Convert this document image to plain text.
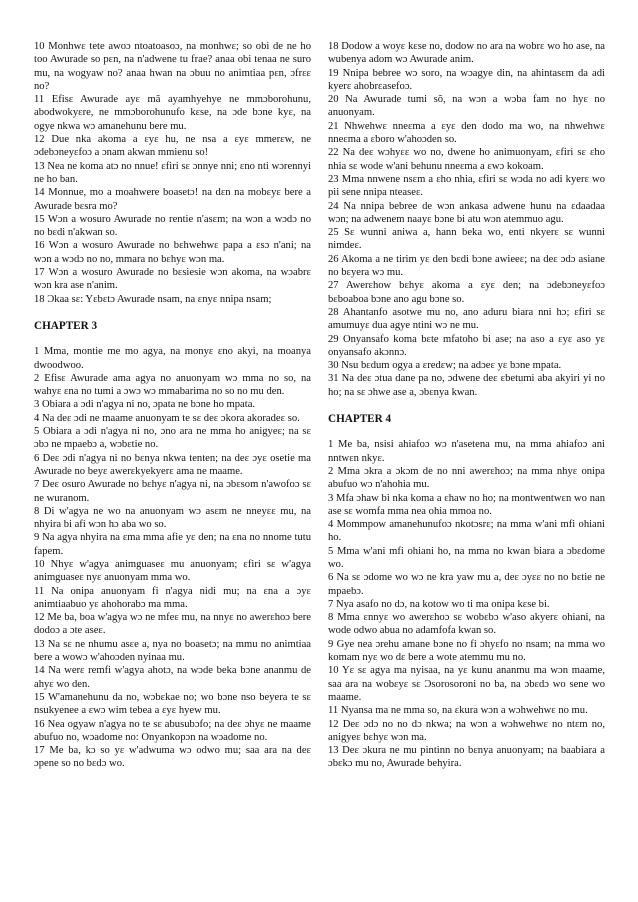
10 Monhwɛ tete awoɔ ntoatoasoɔ, na monhwɛ; so obi de ne ho too Awurade so pɛn, na n'adwene tu frae? anaa obi tenaa ne suro mu, na wogyaw no? anaa hwan na ɔbuu no animtiaa pɛn, ɔfrɛɛ no?

11 Efisɛ Awurade ayɛ mã ayamhyehye ne mmɔborohunu, abodwokyɛre, ne mmɔborohunufo kɛse, na ɔde bɔne kyɛ, na ogye nkwa wɔ amanehunu bere mu.

12 Due nka akoma a ɛyɛ hu, ne nsa a ɛyɛ mmerɛw, ne ɔdebɔneyɛfoɔ a ɔnam akwan mmienu so!

13 Nea ne koma atɔ no nnue! ɛfiri sɛ ɔnnye nni; ɛno nti wɔrennyi ne ho ban.

14 Monnue, mo a moahwere boasetɔ! na dɛn na mobɛyɛ bere a Awurade bɛsra mo?

15 Wɔn a wosuro Awurade no rentie n'asɛm; na wɔn a wɔdɔ no no bɛdi n'akwan so.

16 Wɔn a wosuro Awurade no bɛhwehwɛ papa a ɛsɔ n'ani; na wɔn a wɔdɔ no no, mmara no bɛhyɛ wɔn ma.

17 Wɔn a wosuro Awurade no bɛsiesie wɔn akoma, na wɔabrɛ wɔn kra ase n'anim.

18 Ɔkaa sɛ: Yɛbɛtɔ Awurade nsam, na ɛnyɛ nnipa nsam;

CHAPTER 3

1 Mma, montie me mo agya, na monyɛ ɛno akyi, na moanya dwoodwoo.

2 Efisɛ Awurade ama agya no anuonyam wɔ mma no so, na wahyɛ ɛna no tumi a ɔwɔ wɔ mmabarima no so no mu den.

3 Obiara a ɔdi n'agya ni no, ɔpata ne bɔne ho mpata.

4 Na deɛ ɔdi ne maame anuonyam te sɛ deɛ ɔkora akoradeɛ so.

5 Obiara a ɔdi n'agya ni no, ɔno ara ne mma ho anigyeɛ; na sɛ ɔbɔ ne mpaebɔ a, wɔbɛtie no.

6 Deɛ ɔdi n'agya ni no bɛnya nkwa tenten; na deɛ ɔyɛ osetie ma Awurade no beyɛ awerɛkyekyerɛ ama ne maame.

7 Deɛ osuro Awurade no bɛhyɛ n'agya ni, na ɔbɛsom n'awofoɔ sɛ ne wuranom.

8 Di w'agya ne wo na anuonyam wɔ asɛm ne nneyɛɛ mu, na nhyira bi afi wɔn hɔ aba wo so.

9 Na agya nhyira na ɛma mma afie yɛ den; na ɛna no nnome tutu fapem.

10 Nhyɛ w'agya animguaseɛ mu anuonyam; ɛfiri sɛ w'agya animguaseɛ nyɛ anuonyam mma wo.

11 Na onipa anuonyam fi n'agya nidi mu; na ɛna a ɔyɛ animtiaabuo yɛ ahohorabɔ ma mma.

12 Me ba, boa w'agya wɔ ne mfeɛ mu, na nnyɛ no awerɛhoɔ bere dodoɔ a ɔte aseɛ.

13 Na sɛ ne nhumu asɛe a, nya no boasetɔ; na mmu no animtiaa bere a wowɔ w'ahoɔden nyinaa mu.

14 Na werɛ remfi w'agya ahotɔ, na wɔde beka bɔne ananmu de ahyɛ wo den.

15 W'amanehunu da no, wɔbɛkae no; wo bɔne nso beyera te sɛ nsukyenee a ɛwɔ wim tebea a ɛyɛ hyew mu.

16 Nea ogyaw n'agya no te sɛ abusubɔfo; na deɛ ɔhyɛ ne maame abufuo no, wɔadome no: Onyankopɔn na wɔadome no.

17 Me ba, kɔ so yɛ w'adwuma wɔ odwo mu; saa ara na deɛ ɔpene so no bɛdɔ wo.

18 Dodow a woyɛ kɛse no, dodow no ara na wobrɛ wo ho ase, na wubenya adom wɔ Awurade anim.

19 Nnipa bebree wɔ soro, na wɔagye din, na ahintasɛm da adi kyerɛ ahobrɛasefoɔ.

20 Na Awurade tumi sõ, na wɔn a wɔba fam no hyɛ no anuonyam.

21 Nhwehwɛ nneɛma a ɛyɛ den dodo ma wo, na nhwehwɛ nneɛma a ɛboro w'ahoɔden so.

22 Na deɛ wɔhyɛɛ wo no, dwene ho animuonyam, ɛfiri sɛ ɛho nhia sɛ wode w'ani behunu nneɛma a ɛwɔ kokoam.

23 Mma nnwene nsɛm a ɛho nhia, ɛfiri sɛ wɔda no adi kyerɛ wo pii sene nnipa nteaseɛ.

24 Na nnipa bebree de wɔn ankasa adwene hunu na ɛdaadaa wɔn; na adwenem naayɛ bɔne bi atu wɔn atemmuo agu.

25 Sɛ wunni aniwa a, hann beka wo, enti nkyerɛ sɛ wunni nimdeɛ.

26 Akoma a ne tirim yɛ den bɛdi bɔne awieeɛ; na deɛ ɔdɔ asiane no bɛyera wɔ mu.

27 Awerɛhow bɛhyɛ akoma a ɛyɛ den; na ɔdebɔneyɛfoɔ bɛboaboa bɔne ano agu bɔne so.

28 Ahantanfo asotwe mu no, ano aduru biara nni hɔ; ɛfiri sɛ amumuyɛ dua agye ntini wɔ ne mu.

29 Onyansafo koma bɛte mfatoho bi ase; na aso a ɛyɛ aso yɛ onyansafo akɔnnɔ.

30 Nsu bɛdum ogya a ɛredɛw; na adɔeɛ yɛ bɔne mpata.

31 Na deɛ ɔtua dane pa no, ɔdwene deɛ ɛbetumi aba akyiri yi no ho; na sɛ ɔhwe ase a, ɔbɛnya kwan.

CHAPTER 4

1 Me ba, nsisi ahiafoɔ wɔ n'asetena mu, na mma ahiafoɔ ani nntwɛn nkyɛ.

2 Mma ɔkra a ɔkɔm de no nni awerɛhoɔ; na mma nhyɛ onipa abufuo wɔ n'ahohia mu.

3 Mfa ɔhaw bi nka koma a ɛhaw no ho; na montwentwɛn wo nan ase sɛ womfa mma nea ohia mmoa no.

4 Mommpow amanehunufoɔ nkotɔsrɛ; na mma w'ani mfi ohiani ho.

5 Mma w'ani mfi ohiani ho, na mma no kwan biara a ɔbɛdome wo.

6 Na sɛ ɔdome wo wɔ ne kra yaw mu a, deɛ ɔyɛɛ no no bɛtie ne mpaebɔ.

7 Nya asafo no dɔ, na kotow wo ti ma onipa kɛse bi.

8 Mma ɛnnyɛ wo awerɛhoɔ sɛ wobɛbɔ w'aso akyerɛ ohiani, na wode odwo abua no adamfofa kwan so.

9 Gye nea ɔrehu amane bɔne no fi ɔhyɛfo no nsam; na mma wo komam nyɛ wo dɛ bere a wote atemmu mu no.

10 Yɛ sɛ agya ma nyisaa, na yɛ kunu ananmu ma wɔn maame, saa ara na wobɛyɛ sɛ Ɔsorosoroni no ba, na ɔbɛdɔ wo sene wo maame.

11 Nyansa ma ne mma so, na ɛkura wɔn a wɔhwehwɛ no mu.

12 Deɛ ɔdɔ no no dɔ nkwa; na wɔn a wɔhwehwɛ no ntɛm no, anigyeɛ bɛhyɛ wɔn ma.

13 Deɛ ɔkura ne mu pintinn no bɛnya anuonyam; na baabiara a ɔbɛkɔ mu no, Awurade behyira.
